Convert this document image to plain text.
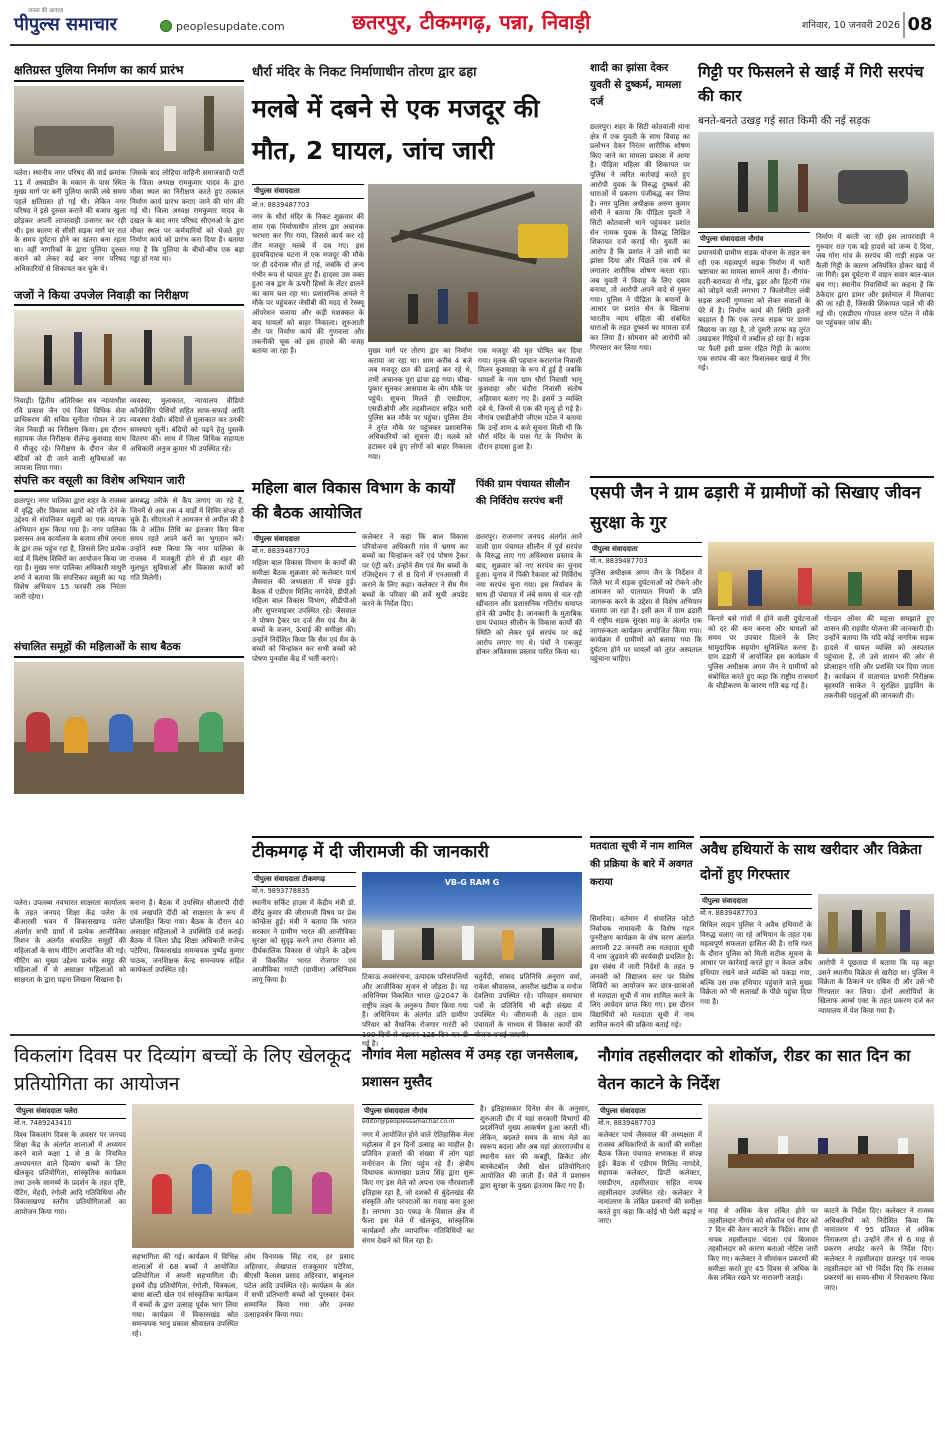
जनता की आवाज़
पीपुल्स समाचार	peoplesupdate.com	छतरपुर, टीकमगढ़, पन्ना, निवाड़ी	शनिवार, 10 जनवरी 2026 08
क्षतिग्रस्त पुलिया निर्माण का कार्य प्रारंभ
पलेरा। स्थानीय नगर परिषद की वार्ड क्रमांक 11 में अस्वाडीन के मकान के पास स्थित मुख्य मार्ग पर बनी पुलिया काफी लंबे समय पहले क्षतिग्रस्त हो गई थी। लेकिन नगर परिषद ने इसे दुरुस्त कराने की बजाय खुला छोड़कर अपनी लापरवाही उजागर कर रही थी। इस कारण से सीसी सड़क मार्ग पर रात के समय दुर्घटना होने का खतरा बना रहता था। वहीं नागरिकों के द्वारा पुलिया दुरुस्त कराने को लेकर कई बार नगर परिषद अधिकारियों से शिकायत कर चुके थे।
जिसके बाद लोहिया वाहिनी समाजवादी पार्टी के जिला अध्यक्ष रामकुमार यादव के द्वारा मौका स्थल का निरीक्षण करते हुए तत्काल निर्माण कार्य प्रारंभ कराए जाने की मांग की गई थी। जिला अध्यक्ष रामकुमार यादव के दखल के बाद नगर परिषद सीएमओ के द्वारा मौका स्थल पर कर्मचारियों को भेजते हुए निर्माण कार्य को प्रारंभ करा दिया है। बताया गया है कि पुलिया के बीचो-बीच एक बड़ा गड्ढा हो गया था।
जजों ने किया उपजेल निवाड़ी का निरीक्षण
निवाड़ी। द्वितीय अतिरिक्त सत्र न्यायाधीश रवि प्रकाश जैन एवं जिला विधिक सेवा प्राधिकरण की सचिव सुनीता गोयल ने उप जेल निवाड़ी का निरीक्षण किया। इस दौरान सहायक जेल निरीक्षक शैलेन्द्र कुशवाह साथ में मौजूद रहे। निरीक्षण के दौरान जेल में बंदियों को दी जाने वाली सुविधाओं का जायजा लिया गया।
व्यवस्था, मुलाकात, न्यायालय वीडियो कॉन्फ्रेंसिंग पेशियों सहित साफ-सफाई आदि व्यवस्था देखी। बंदियों से मुलाकात कर उनकी समस्याएं सुनी। बंदियों को पढ़ने हेतु पुस्तकें वितरण की। साथ में जिला विधिक सहायता अधिकारी अनुज कुमार भी उपस्थित रहे।
संपत्ति कर वसूली का विशेष अभियान जारी
छतरपुर। नगर पालिका द्वारा शहर के राजस्व में वृद्धि और विकास कार्यों को गति देने के उद्देश्य से संपत्तिकर वसूली का एक व्यापक अभियान शुरू किया गया है। नगर पालिका प्रशासन अब कार्यालय के बजाय सीधे जनता के द्वार तक पहुंच रहा है, जिससे लिए प्रत्येक वार्ड में विशेष शिविरों का आयोजन किया जा रहा है। मुख्य नगर पालिका अधिकारी माधुरी शर्मा ने बताया कि संपत्तिकर वसूली का यह विशेष अभियान 15 फरवरी तक निरंतर जारी रहेगा।
क्रमबद्ध तरीके से कैंप लगाए जा रहे हैं, जिनमें से अब तक 4 वार्डों में शिविर संपन्न हो चुके हैं। सीएमओ ने आमजन से अपील की है कि वे अंतिम तिथि का इंतजार किए बिना समय रहते अपने करों का भुगतान करें। उन्होंने स्पष्ट किया कि नगर पालिका के राजस्व में मजबूती होने से ही शहर की मूलभूत सुविधाओं और विकास कार्यों को गति मिलेगी।
संचालित समूहों की महिलाओं के साथ बैठक
पलेरा। उपलब्ध नवभारत साक्षरता कार्यालय के तहत जनपद शिक्षा केंद्र पलेरा के बीआरसी भवन में विकासखण्ड पलेरा अंतर्गत सभी ग्रामों में प्रत्येक आजीविका मिशन के अंतर्गत संचालित समूहों की महिलाओं के साथ मीटिंग आयोजित की गई। मीटिंग का मुख्य उद्देश्य प्रत्येक समूह की महिलाओं में से असाक्षर महिलाओं को साक्षरता के द्वारा पढ़ना लिखना सिखाना है।
बनाना है। बैठक में उपस्थित सीआरपी दीदी एवं लखपति दीदी को साक्षरता के रूप में प्रोत्साहित किया गया। बैठक के दौरान 40 असाक्षर महिलाओं ने उपस्थिति दर्ज कराई। बैठक में जिला प्रौढ़ शिक्षा अधिकारी राजेन्द्र पटेरिया, विकासखंड समन्वयक पुष्पेंद्र कुमार पाठक, जनशिक्षक केन्द्र समन्वयक सहित कार्यकर्ता उपस्थित रहे।
धौर्रा मंदिर के निकट निर्माणाधीन तोरण द्वार ढहा
मलबे में दबने से एक मजदूर की मौत, 2 घायल, जांच जारी
पीपुल्स संवाददाता
मो.न. 8839487703
नगर के धौर्रा मंदिर के निकट शुक्रवार की शाम एक निर्माणाधीन तोरण द्वार अचानक भरभरा कर गिर गया, जिससे कार्य कर रहे तीन मजदूर मलबे में दब गए। इस हृदयविदारक घटना में एक मजदूर की मौके पर ही दर्दनाक मौत हो गई, जबकि दो अन्य गंभीर रूप से घायल हुए हैं। हादसा उस वक्त हुआ जब द्वार के ऊपरी हिस्से के लेंटर डालने का काम चल रहा था। प्रशासनिक अमले ने मौके पर पहुंचकर जेसीबी की मदद से रेस्क्यू ऑपरेशन चलाया और कड़ी मशक्कत के बाद घायलों को बाहर निकाला। शुरुआती तौर पर निर्माण कार्य की गुणवत्ता और तकनीकी चूक को इस हादसे की वजह बताया जा रहा है।	मुख्य मार्ग पर तोरण द्वार का निर्माण कराया जा रहा था। शाम करीब 4 बजे जब मजदूर छत की ढलाई कर रहे थे, तभी अचानक पूरा ढांचा ढह गया। चीख-पुकार सुनकर आसपास के लोग मौके पर पहुंचे। सूचना मिलते ही एसडीएम, एसडीओपी और तहसीलदार सहित भारी पुलिस बल मौके पर पहुंचा। पुलिस टीम ने तुरंत मौके पर पहुंचकर प्रशासनिक अधिकारियों को सूचना दी। मलबे को हटाकर दबे हुए लोगों को बाहर निकाला गया।
एक मजदूर की मृत घोषित कर दिया गया। मृतक की पहचान करारगंज निवासी मिलन कुशवाहा के रूप में हुई है जबकि घायलों के नाम ग्राम धौर्रा निवासी भानू कुशवाहा और चंदौरा निवासी संतोष अहिरवार बताए गए हैं। इसमें 3 व्यक्ति दबे थे, जिनमें से एक की मृत्यु हो गई है। नौगांव एसडीओपी जीएस पटेल ने बताया कि उन्हें शाम 4 बजे सूचना मिली थी कि धौर्रा मंदिर के पास गेट के निर्माण के दौरान हादसा हुआ है।
महिला बाल विकास विभाग के कार्यों की बैठक आयोजित
पीपुल्स संवाददाता
मो.न. 8839487703
महिला बाल विकास विभाग के कार्यों की समीक्षा बैठक शुक्रवार को कलेक्टर पार्थ जैसवाल की अध्यक्षता में संपन्न हुई। बैठक में एडीएम मिलिंद नागदेवे, डीपीओ महिला बाल विकास विभाग, सीडीपीओ और सुपरवाइजर उपस्थित रहे। जैसवाल ने पोषण ट्रैकर पर दर्ज सैम एवं मैम के बच्चों के वजन, ऊंचाई की समीक्षा की। उन्होंने निर्देशित किया कि सैम एवं मैम के बच्चों को चिन्हांकन कर सभी बच्चों को पोषण पुनर्वास केंद्र में भर्ती कराएं।
कलेक्टर ने कहा कि बाल विकास परियोजना अधिकारी गांव में भ्रमण कर बच्चों का चिन्हांकन करें एवं पोषण ट्रैकर पर एंट्री करें। उन्होंने सैम एवं मैम बच्चों के रजिस्ट्रेशन 7 से 8 दिनों में एनआरसी में कराने के लिए कहा। कलेक्टर ने सैम मैम बच्चों के परिवार की सर्वे सूची अपडेट करने के निर्देश दिए।
पिंकी ग्राम पंचायत सीलौन की निर्विरोध सरपंच बनीं
छतरपुर। राजनगर जनपद अंतर्गत आने वाली ग्राम पंचायत सीलौन में पूर्व सरपंच के विरुद्ध लाए गए अविश्वास प्रस्ताव के बाद, शुक्रवार को नए सरपंच का चुनाव हुआ। चुनाव में पिंकी रैकवार को निर्विरोध नया सरपंच चुना गया। इस निर्वाचन के साथ ही पंचायत में लंबे समय से चल रही खींचतान और प्रशासनिक गतिरोध समाप्त होने की उम्मीद है। जानकारी के मुताबिक ग्राम पंचायत सीलौन के विकास कार्यों की स्थिति को लेकर पूर्व सरपंच पर कई आरोप लगाए गए थे। पंचों ने एकजुट होकर अविश्वास प्रस्ताव पारित किया था।
टीकमगढ़ में दी जीरामजी की जानकारी
पीपुल्स संवाददाता टीकमगढ़
मो.न. 9893778835
स्थानीय सर्किट हाउस में केंद्रीय मंत्री डॉ. वीरेंद्र कुमार की जीरामजी विषय पर प्रेस कॉन्फ्रेंस हुई। मंत्री ने बताया कि भारत सरकार ने ग्रामीण भारत की आजीविका सुरक्षा को सुदृढ़ करने तथा रोजगार को दीर्घकालिक विकास से जोड़ने के उद्देश्य से विकसित भारत रोजगार एवं आजीविका गारंटी (ग्रामीण) अधिनियम लागू किया है।
VB-G RAM G
टिकाऊ अवसंरचना, उत्पादक परिसंपत्तियों और आजीविका सृजन से जोड़ता है। यह अधिनियम विकसित भारत @2047 के राष्ट्रीय लक्ष्य के अनुरूप तैयार किया गया है। अधिनियम के अंतर्गत प्रति ग्रामीण परिवार को वैधानिक रोजगार गारंटी को गई है।
चतुर्वेदी, सांसद प्रतिनिधि अनुराग वर्मा, राकेश श्रीवास्तव, अमरीश खटीक व मनोज देवलिया उपस्थित रहे। परिवहन समाचार पत्रों के प्रतिनिधि भी बड़ी संख्या में उपस्थित थे। जीरामजी के तहत ग्राम पंचायतों के माध्यम से विकास कार्यों की
शादी का झांसा देकर युवती से दुष्कर्म, मामला दर्ज
छतरपुर। शहर के सिटी कोतवाली थाना क्षेत्र में एक युवती के साथ विवाह का प्रलोभन देकर निरंतर शारीरिक शोषण किए जाने का मामला प्रकाश में आया है। पीड़िता महिला की शिकायत पर पुलिस ने त्वरित कार्रवाई करते हुए आरोपी युवक के विरुद्ध दुष्कर्म की धाराओं में प्रकरण पंजीबद्ध कर लिया है। नगर पुलिस अधीक्षक अरुण कुमार सोनी ने बताया कि पीड़िता युवती ने सिटी कोतवाली थाने पहुंचकर प्रशांत सेन नामक युवक के विरुद्ध लिखित शिकायत दर्ज कराई थी। युवती का आरोप है कि प्रशांत ने उसे शादी का झांसा दिया और पिछले एक वर्ष से लगातार शारीरिक शोषण करता रहा। जब युवती ने विवाह के लिए दबाव बनाया, तो आरोपी अपने वादे से मुकर गया। पुलिस ने पीड़िता के बयानों के आधार पर प्रशांत सेन के खिलाफ भारतीय न्याय संहिता की संबंधित धाराओं के तहत दुष्कर्म का मामला दर्ज कर लिया है। सोमवार को आरोपी को गिरफ्तार कर लिया गया।
गिट्टी पर फिसलने से खाई में गिरी सरपंच की कार
बनते-बनते उखड़ गई सात किमी की नई सड़क
पीपुल्स संवाददाता नौगांव
प्रधानमंत्री ग्रामीण सड़क योजना के तहत बन रही एक महत्वपूर्ण सड़क निर्माण में भारी भ्रष्टाचार का मामला सामने आया है। नौगांव-ददरी-बरायठा से गोंड, ढुड़र और हिटनी गांव को जोड़ने वाली लगभग 7 किलोमीटर लंबी सड़क अपनी गुणवत्ता को लेकर सवालों के घेरे में है। निर्माण कार्य की स्थिति इतनी बदहाल है कि एक तरफ सड़क पर डामर बिछाया जा रहा है, तो दूसरी तरफ वह तुरंत उखड़कर गिट्टियों में तब्दील हो रहा है। सड़क पर फैली इसी डामर रहित गिट्टी के कारण एक सरपंच की कार फिसलकर खाई में गिर गई।
निर्माण में बरती जा रही इस लापरवाही ने गुरुवार रात एक बड़े हादसे को जन्म दे दिया, जब गोरा गांव के सरपंच की गाड़ी सड़क पर फैली गिट्टी के कारण अनियंत्रित होकर खाई में जा गिरी। इस दुर्घटना में वाहन सवार बाल-बाल बच गए। स्थानीय निवासियों का कहना है कि ठेकेदार द्वारा डामर और इस्तेमाल में मिलावट की जा रही है, जिसकी शिकायत पहले भी की गई थी। एसडीएम गोपाल शरण पटेल ने मौके पर पहुंचकर जांच की।
एसपी जैन ने ग्राम ढड़ारी में ग्रामीणों को सिखाए जीवन सुरक्षा के गुर
पीपुल्स संवाददाता
मो.न. 8839487703
पुलिस अधीक्षक अगम जैन के निर्देशन में जिले भर में सड़क दुर्घटनाओं को रोकने और आमजन को यातायात नियमों के प्रति जागरूक करने के उद्देश्य से विशेष अभियान चलाया जा रहा है। इसी क्रम में ग्राम ढड़ारी में राष्ट्रीय सड़क सुरक्षा माह के अंतर्गत एक जागरूकता कार्यक्रम आयोजित किया गया। कार्यक्रम में ग्रामीणों को बताया गया कि दुर्घटना होने पर घायलों को तुरंत अस्पताल पहुंचाना चाहिए।
किनारे बसे गांवों में होने वाली दुर्घटनाओं को दर की कम करना और घायलों को समय पर उपचार दिलाने के लिए सामुदायिक सहयोग सुनिश्चित करना है। ग्राम ढड़ारी में आयोजित इस कार्यक्रम में पुलिस अधीक्षक अगम जैन ने ग्रामीणों को संबोधित करते हुए कहा कि राष्ट्रीय राजमार्ग के चौड़ीकरण के कारण गति बढ़ गई है।
गोल्डन ऑवर की महत्ता समझाते हुए शासन की राहवीर योजना की जानकारी दी। उन्होंने बताया कि यदि कोई नागरिक सड़क हादसे में घायल व्यक्ति को अस्पताल पहुंचाता है, तो उसे शासन की ओर से प्रोत्साहन राशि और प्रशस्ति पत्र दिया जाता है। कार्यक्रम में यातायात प्रभारी निरीक्षक बृहस्पति साकेत ने सुरक्षित ड्राइविंग के तकनीकी पहलुओं की जानकारी दी।
मतदाता सूची में नाम शामिल की प्रक्रिया के बारे में अवगत कराया
सिमरिया। वर्तमान में संचालित फोटो निर्वाचक नामावली के विशेष गहन पुनरीक्षण कार्यक्रम के शेष चरण अंतर्गत आगामी 22 जनवरी तक मतदाता सूची में नाम जुड़वाने की कार्यवाही प्रचलित है। इस संबंध में जारी निर्देशों के तहत 9 जनवरी को विद्यालय स्तर पर विशेष शिविरों का आयोजन कर छात्र-छात्राओं से मतदाता सूची में नाम शामिल करने के लिए आवेदन प्राप्त किए गए। इस दौरान विद्यार्थियों को मतदाता सूची में नाम शामिल कराने की प्रक्रिया बताई गई।
अवैध हथियारों के साथ खरीदार और विक्रेता दोनों हुए गिरफ्तार
पीपुल्स संवाददाता
मो.न. 8839487703
सिविल लाइन पुलिस ने अवैध हथियारों के विरुद्ध चलाए जा रहे अभियान के तहत एक महत्वपूर्ण सफलता हासिल की है। रात्रि गश्त के दौरान पुलिस को मिली सटीक सूचना के आधार पर कार्रवाई करते हुए न केवल अवैध हथियार रखने वाले व्यक्ति को पकड़ा गया, बल्कि उस तक हथियार पहुंचाने वाले मुख्य विक्रेता को भी सलाखों के पीछे पहुंचा दिया गया है।
आरोपी ने पूछताछ में बताया कि यह कट्टा उसने स्थानीय विक्रेता से खरीदा था। पुलिस ने विक्रेता के ठिकाने पर दबिश दी और उसे भी गिरफ्तार कर लिया। दोनों आरोपियों के खिलाफ आर्म्स एक्ट के तहत प्रकरण दर्ज कर न्यायालय में पेश किया गया है।
विकलांग दिवस पर दिव्यांग बच्चों के लिए खेलकूद प्रतियोगिता का आयोजन
पीपुल्स संवाददाता पलेरा
मो.न. 7489243410
विश्व विकलांग दिवस के अवसर पर जनपद शिक्षा केंद्र के अंतर्गत शालाओं में अध्ययन करने वाले कक्षा 1 से 8 के नियमित अध्ययनरत वाले दिव्यांग बच्चों के लिए खेलकूद प्रतियोगिता, सांस्कृतिक कार्यक्रम तथा उनके सामर्थ्य के प्रदर्शन के तहत दृष्टि, पेंटिंग, मेंहदी, रंगोली आदि गतिविधियां और विकासखण्ड स्तरीय प्रतियोगिताओं का आयोजन किया गया।
सहभागिता की गई। कार्यक्रम में विभिन्न शालाओं से 68 बच्चों ने आयोजित प्रतियोगिता में अपनी सहभागिता दी। इसमें दौड़ प्रतियोगिता, रंगोली, चित्रकला, बाधा बाल्टी खेल एवं सांस्कृतिक कार्यक्रम में बच्चों के द्वारा उत्साह पूर्वक भाग लिया गया। कार्यक्रम में विकासखंड स्रोत समन्वयक भानु प्रकाश श्रीवास्तव उपस्थित रहे।
ओम विनायक सिंह राव, हर प्रसाद अहिरवार, लेखपाल राजकुमार पटेरिया, बीएसी कैलाश प्रसाद अहिरवार, बाबूलाल पटेल आदि उपस्थित रहे। कार्यक्रम के अंत में सभी प्रतिभागी बच्चों को पुरस्कार देकर सम्मानित किया गया और उनका उत्साहवर्धन किया गया।
नौगांव मेला महोत्सव में उमड़ रहा जनसैलाब, प्रशासन मुस्तैद
पीपुल्स संवाददाता नौगांव
editor@peoplessamachar.co.in
नगर में आयोजित होने वाले ऐतिहासिक मेला महोत्सव में इन दिनों उत्साह का माहौल है। प्रतिदिन हजारों की संख्या में लोग यहां मनोरंजन के लिए पहुंच रहे हैं। क्षेत्रीय विधायक कामाख्या प्रताप सिंह द्वारा शुरू किए गए इस मेले को अपना एक गौरवशाली इतिहास रहा है, जो दशकों से बुंदेलखंड की संस्कृति और परंपराओं का गवाह बना हुआ है। लगभग 30 एकड़ के विशाल क्षेत्र में फैला इस मेले में खेलकूद, सांस्कृतिक कार्यक्रमों और व्यापारिक गतिविधियों का संगम देखने को मिल रहा है।
है। इतिहासकार दिनेश सेन के अनुसार, शुरुआती दौर में यहां सरकारी विभागों की प्रदर्शनियों मुख्य आकर्षण हुआ करती थीं। लेकिन, बदलते समय के साथ मेले का स्वरूप बदला और अब यहां अंतरराज्यीय व स्थानीय स्तर की कबड्डी, क्रिकेट और बास्केटबॉल जैसी खेल प्रतियोगिताएं आयोजित की जाती हैं। मेले में प्रशासन द्वारा सुरक्षा के पुख्ता इंतजाम किए गए हैं।
नौगांव तहसीलदार को शोकॉज, रीडर का सात दिन का वेतन काटने के निर्देश
पीपुल्स संवाददाता
मो.न. 8839487703
कलेक्टर पार्थ जैसवाल की अध्यक्षता में राजस्व अधिकारियों के कार्यों की समीक्षा बैठक जिला पंचायत सभाकक्ष में संपन्न हुई। बैठक में एडीएम मिलिंद नागदेवे, सहायक कलेक्टर, डिप्टी कलेक्टर, एसडीएम, तहसीलदार सहित नायब तहसीलदार उपस्थित रहे। कलेक्टर ने नामांतरण के लंबित प्रकरणों की समीक्षा करते हुए कहा कि कोई भी पेशी बढ़ाई न जाए।
माह से अधिक केस लंबित होने पर तहसीलदार नौगांव को शोकॉज एवं रीडर को 7 दिन की वेतन काटने के निर्देश। साथ ही नायब तहसीलदार चंदला एवं बिजावर तहसीलदार को कारण बताओ नोटिस जारी किए गए। कलेक्टर ने सीमांकन प्रकरणों की समीक्षा करते हुए 45 दिवस से अधिक के केस लंबित रखने पर नाराजगी जताई।
काटने के निर्देश दिए। कलेक्टर ने राजस्व अधिकारियों को निर्देशित किया कि नामांतरण में 95 प्रतिशत से अधिक निराकरण हो। उन्होंने तीन से 6 माह से प्रकरण अपडेट करने के निर्देश दिए। कलेक्टर ने तहसीलदार छतरपुर एवं नायब तहसीलदार को भी निर्देश दिए कि राजस्व प्रकरणों का समय-सीमा में निराकरण किया जाए।
